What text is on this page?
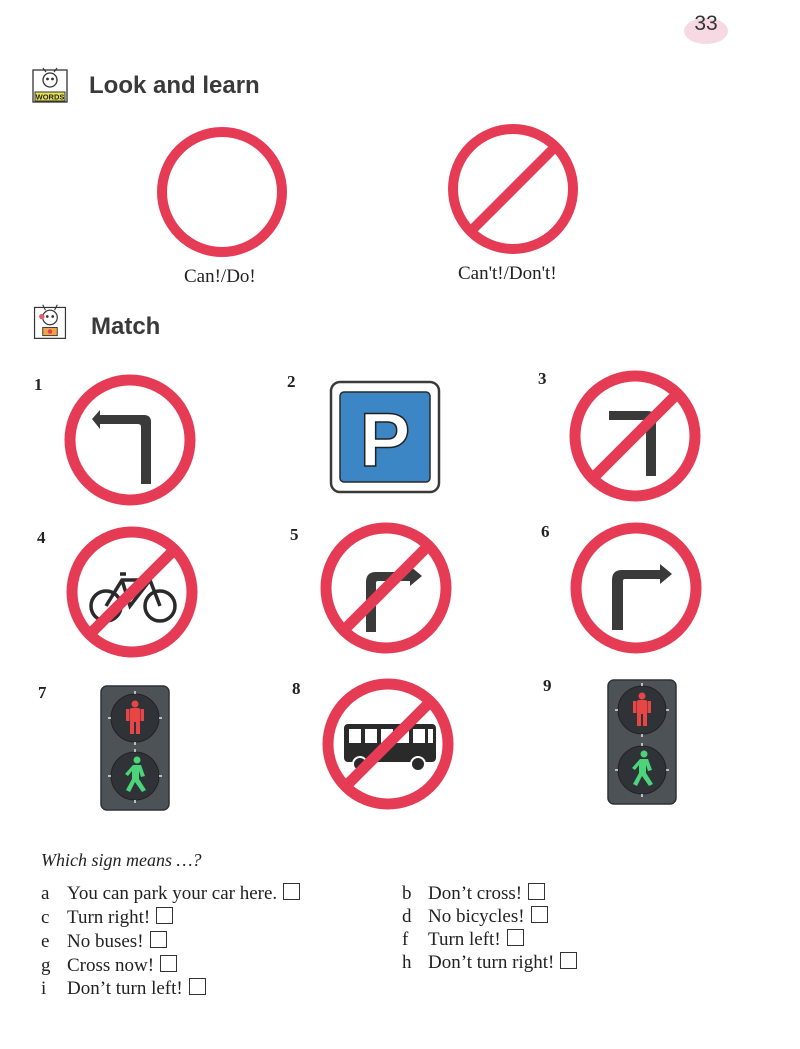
33
WORDS Look and learn
Can!/Do!	Can't!/Don't!
Match
1	2	3
4	5	6
7	8	9
P
Which sign means …?
a You can park your car here.	b Don’t cross!
c Turn right!	d No bicycles!
e No buses!	f Turn left!
g Cross now!	h Don’t turn right!
i Don’t turn left!
